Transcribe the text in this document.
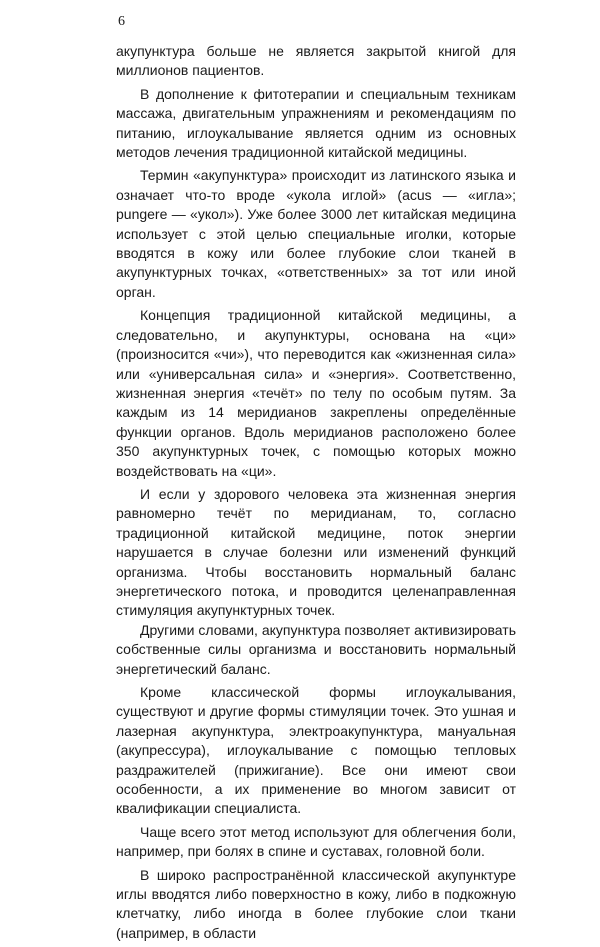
6

акупунктура больше не является закрытой книгой для миллионов пациентов.

В дополнение к фитотерапии и специальным техникам массажа, двигательным упражнениям и рекомендациям по питанию, иглоукалывание является одним из основных методов лечения традиционной китайской медицины.

Термин «акупунктура» происходит из латинского языка и означает что-то вроде «укола иглой» (acus — «игла»; pungere — «укол»). Уже более 3000 лет китайская медицина использует с этой целью специальные иголки, которые вводятся в кожу или более глубокие слои тканей в акупунктурных точках, «ответственных» за тот или иной орган.

Концепция традиционной китайской медицины, а следовательно, и акупунктуры, основана на «ци» (произносится «чи»), что переводится как «жизненная сила» или «универсальная сила» и «энергия». Соответственно, жизненная энергия «течёт» по телу по особым путям. За каждым из 14 меридианов закреплены определённые функции органов. Вдоль меридианов расположено более 350 акупунктурных точек, с помощью которых можно воздействовать на «ци».

И если у здорового человека эта жизненная энергия равномерно течёт по меридианам, то, согласно традиционной китайской медицине, поток энергии нарушается в случае болезни или изменений функций организма. Чтобы восстановить нормальный баланс энергетического потока, и проводится целенаправленная стимуляция акупунктурных точек.

Другими словами, акупунктура позволяет активизировать собственные силы организма и восстановить нормальный энергетический баланс.

Кроме классической формы иглоукалывания, существуют и другие формы стимуляции точек. Это ушная и лазерная акупунктура, электроакупунктура, мануальная (акупрессура), иглоукалывание с помощью тепловых раздражителей (прижигание). Все они имеют свои особенности, а их применение во многом зависит от квалификации специалиста.

Чаще всего этот метод используют для облегчения боли, например, при болях в спине и суставах, головной боли.

В широко распространённой классической акупунктуре иглы вводятся либо поверхностно в кожу, либо в подкожную клетчатку, либо иногда в более глубокие слои ткани (например, в области
